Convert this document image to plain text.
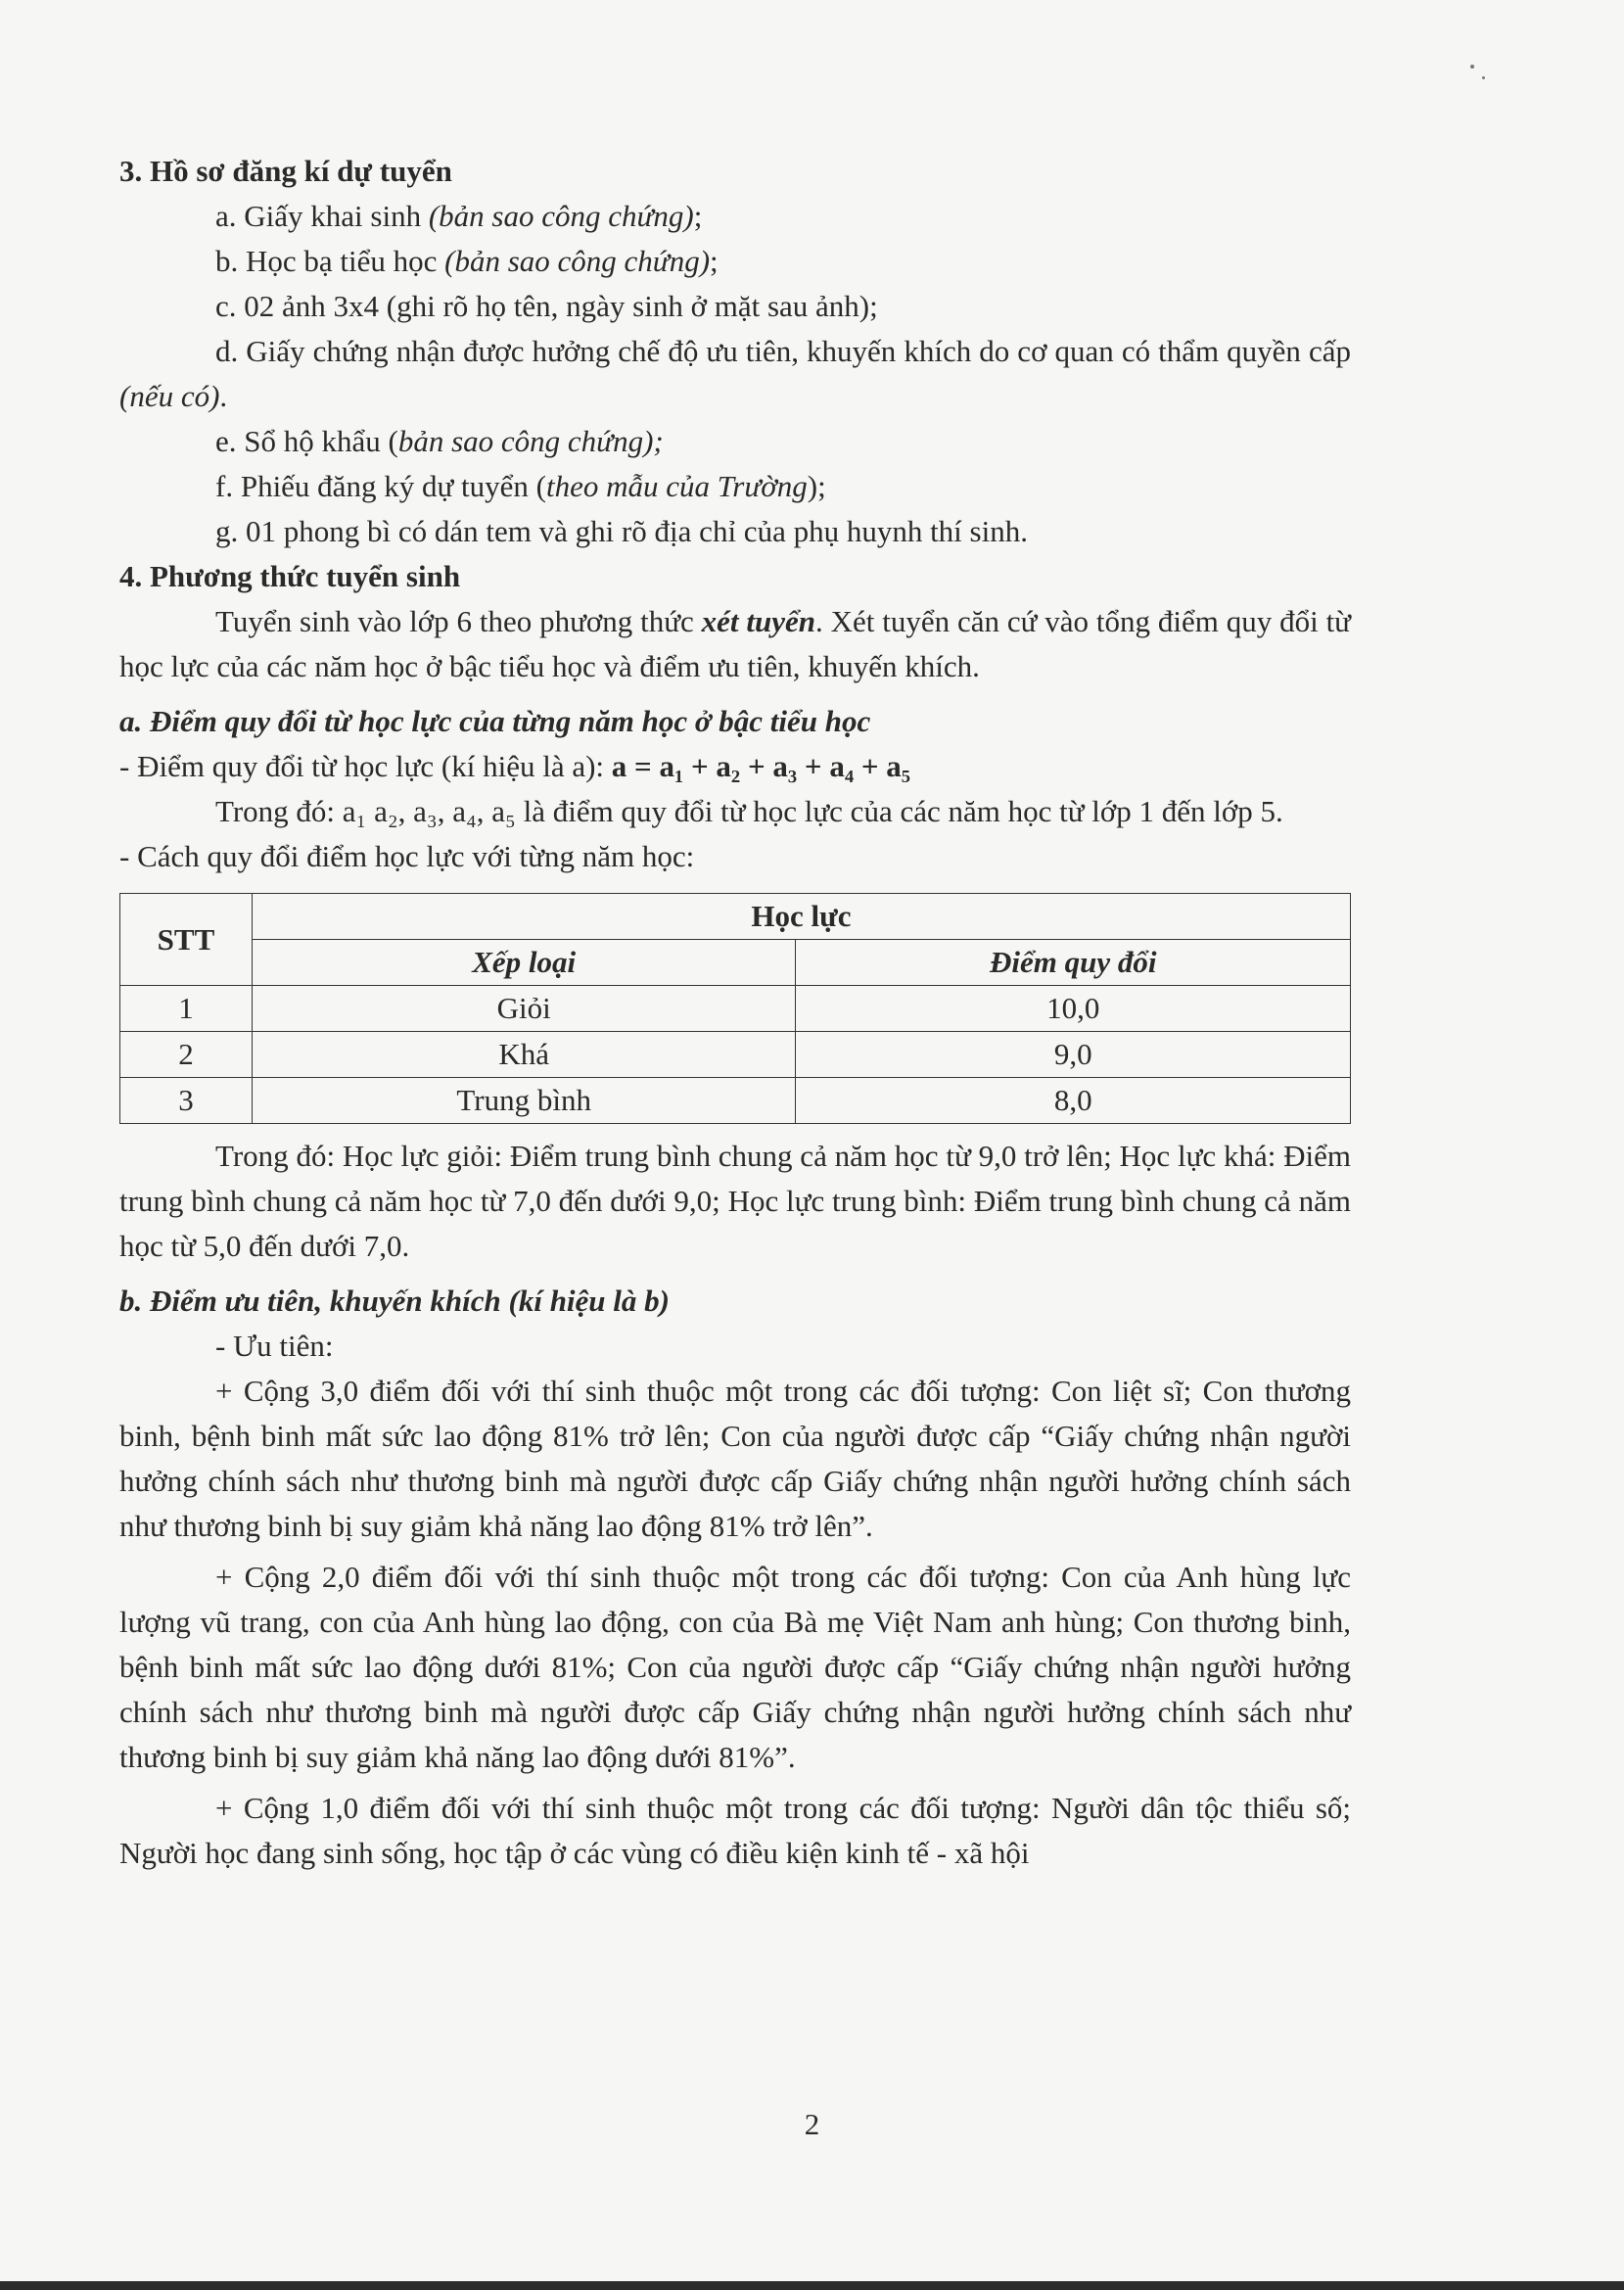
3. Hồ sơ đăng kí dự tuyển

a. Giấy khai sinh (bản sao công chứng);

b. Học bạ tiểu học (bản sao công chứng);

c. 02 ảnh 3x4 (ghi rõ họ tên, ngày sinh ở mặt sau ảnh);

d. Giấy chứng nhận được hưởng chế độ ưu tiên, khuyến khích do cơ quan có thẩm quyền cấp (nếu có).

e. Sổ hộ khẩu (bản sao công chứng);

f. Phiếu đăng ký dự tuyển (theo mẫu của Trường);

g. 01 phong bì có dán tem và ghi rõ địa chỉ của phụ huynh thí sinh.

4. Phương thức tuyển sinh

Tuyển sinh vào lớp 6 theo phương thức xét tuyển. Xét tuyển căn cứ vào tổng điểm quy đổi từ học lực của các năm học ở bậc tiểu học và điểm ưu tiên, khuyến khích.

a. Điểm quy đổi từ học lực của từng năm học ở bậc tiểu học

- Điểm quy đổi từ học lực (kí hiệu là a): a = a₁ + a₂ + a₃ + a₄ + a₅

Trong đó: a₁ a₂, a₃, a₄, a₅ là điểm quy đổi từ học lực của các năm học từ lớp 1 đến lớp 5.

- Cách quy đổi điểm học lực với từng năm học:

STT	Học lực	
	Xếp loại	Điểm quy đổi
1	Giỏi	10,0
2	Khá	9,0
3	Trung bình	8,0

Trong đó: Học lực giỏi: Điểm trung bình chung cả năm học từ 9,0 trở lên; Học lực khá: Điểm trung bình chung cả năm học từ 7,0 đến dưới 9,0; Học lực trung bình: Điểm trung bình chung cả năm học từ 5,0 đến dưới 7,0.

b. Điểm ưu tiên, khuyến khích (kí hiệu là b)

- Ưu tiên:

+ Cộng 3,0 điểm đối với thí sinh thuộc một trong các đối tượng: Con liệt sĩ; Con thương binh, bệnh binh mất sức lao động 81% trở lên; Con của người được cấp “Giấy chứng nhận người hưởng chính sách như thương binh mà người được cấp Giấy chứng nhận người hưởng chính sách như thương binh bị suy giảm khả năng lao động 81% trở lên”.

+ Cộng 2,0 điểm đối với thí sinh thuộc một trong các đối tượng: Con của Anh hùng lực lượng vũ trang, con của Anh hùng lao động, con của Bà mẹ Việt Nam anh hùng; Con thương binh, bệnh binh mất sức lao động dưới 81%; Con của người được cấp “Giấy chứng nhận người hưởng chính sách như thương binh mà người được cấp Giấy chứng nhận người hưởng chính sách như thương binh bị suy giảm khả năng lao động dưới 81%”.

+ Cộng 1,0 điểm đối với thí sinh thuộc một trong các đối tượng: Người dân tộc thiểu số; Người học đang sinh sống, học tập ở các vùng có điều kiện kinh tế - xã hội

2
